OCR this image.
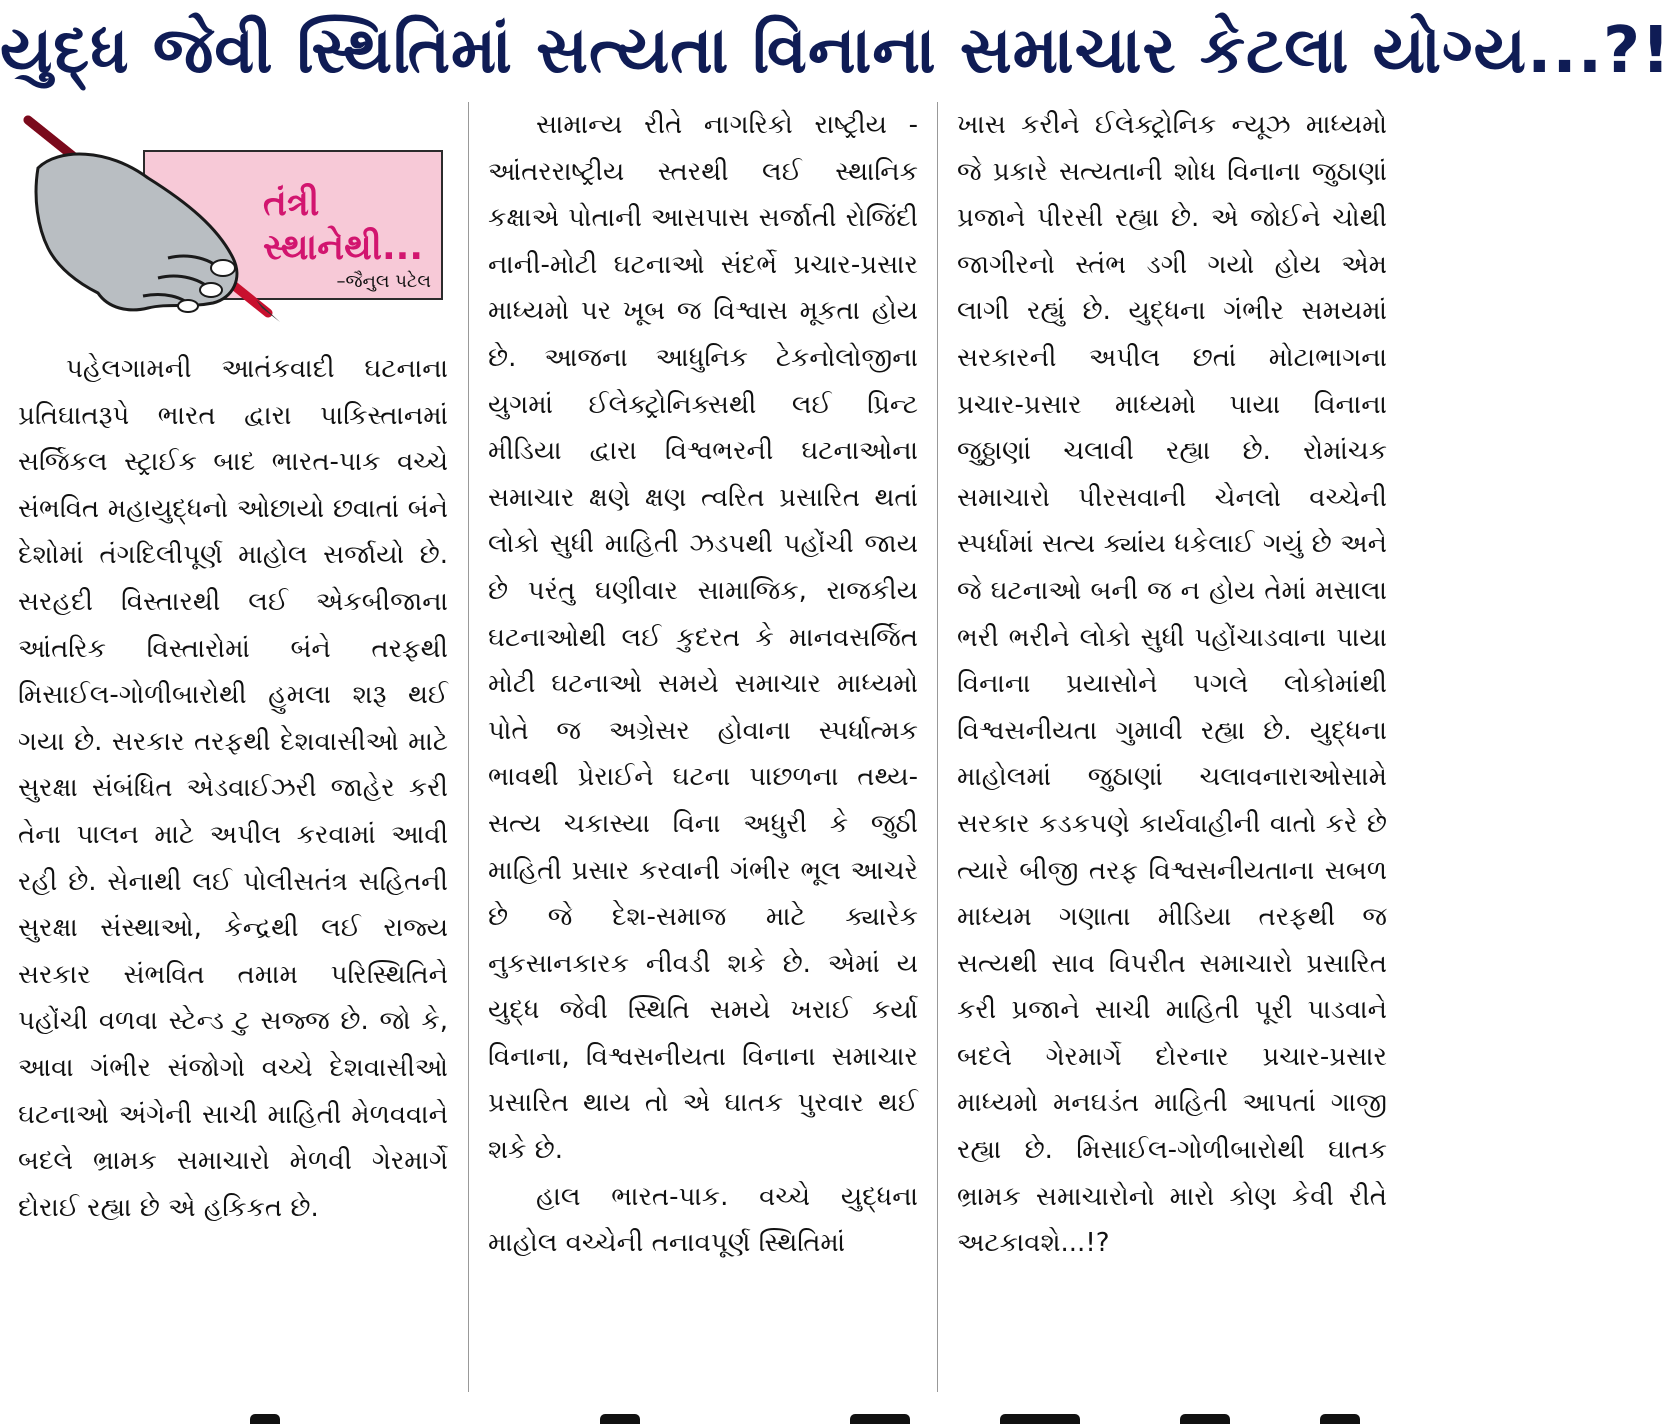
યુદ્ધ જેવી સ્થિતિમાં સત્યતા વિનાના સમાચાર કેટલા યોગ્ય...?!
તંત્રી સ્થાનેથી...
–જૈનુલ પટેલ

પહેલગામની આતંકવાદી ઘટનાના પ્રતિઘાતરૂપે ભારત દ્વારા પાકિસ્તાનમાં સર્જિકલ સ્ટ્રાઈક બાદ ભારત-પાક વચ્ચે સંભવિત મહાયુદ્ધનો ઓછાયો છવાતાં બંને દેશોમાં તંગદિલીપૂર્ણ માહોલ સર્જાયો છે. સરહદી વિસ્તારથી લઈ એકબીજાના આંતરિક વિસ્તારોમાં બંને તરફથી મિસાઈલ-ગોળીબારોથી હુમલા શરૂ થઈ ગયા છે. સરકાર તરફથી દેશવાસીઓ માટે સુરક્ષા સંબંધિત એડવાઈઝરી જાહેર કરી તેના પાલન માટે અપીલ કરવામાં આવી રહી છે. સેનાથી લઈ પોલીસતંત્ર સહિતની સુરક્ષા સંસ્થાઓ, કેન્દ્રથી લઈ રાજ્ય સરકાર સંભવિત તમામ પરિસ્થિતિને પહોંચી વળવા સ્ટેન્ડ ટુ સજ્જ છે. જો કે, આવા ગંભીર સંજોગો વચ્ચે દેશવાસીઓ ઘટનાઓ અંગેની સાચી માહિતી મેળવવાને બદલે ભ્રામક સમાચારો મેળવી ગેરમાર્ગે દોરાઈ રહ્યા છે એ હકિકત છે.

સામાન્ય રીતે નાગરિકો રાષ્ટ્રીય - આંતરરાષ્ટ્રીય સ્તરથી લઈ સ્થાનિક કક્ષાએ પોતાની આસપાસ સર્જાતી રોજિંદી નાની-મોટી ઘટનાઓ સંદર્ભે પ્રચાર-પ્રસાર માધ્યમો પર ખૂબ જ વિશ્વાસ મૂકતા હોય છે. આજના આધુનિક ટેકનોલોજીના યુગમાં ઈલેક્ટ્રોનિક્સથી લઈ પ્રિન્ટ મીડિયા દ્વારા વિશ્વભરની ઘટનાઓના સમાચાર ક્ષણે ક્ષણ ત્વરિત પ્રસારિત થતાં લોકો સુધી માહિતી ઝડપથી પહોંચી જાય છે પરંતુ ઘણીવાર સામાજિક, રાજકીય ઘટનાઓથી લઈ કુદરત કે માનવસર્જિત મોટી ઘટનાઓ સમયે સમાચાર માધ્યમો પોતે જ અગ્રેસર હોવાના સ્પર્ધાત્મક ભાવથી પ્રેરાઈને ઘટના પાછળના તથ્ય-સત્ય ચકાસ્યા વિના અધુરી કે જુઠી માહિતી પ્રસાર કરવાની ગંભીર ભૂલ આચરે છે જે દેશ-સમાજ માટે ક્યારેક નુકસાનકારક નીવડી શકે છે. એમાં ય યુદ્ધ જેવી સ્થિતિ સમયે ખરાઈ કર્યા વિનાના, વિશ્વસનીયતા વિનાના સમાચાર પ્રસારિત થાય તો એ ઘાતક પુરવાર થઈ શકે છે.

હાલ ભારત-પાક. વચ્ચે યુદ્ધના માહોલ વચ્ચેની તનાવપૂર્ણ સ્થિતિમાં

ખાસ કરીને ઈલેક્ટ્રોનિક ન્યૂઝ માધ્યમો જે પ્રકારે સત્યતાની શોધ વિનાના જુઠાણાં પ્રજાને પીરસી રહ્યા છે. એ જોઈને ચોથી જાગીરનો સ્તંભ ડગી ગયો હોય એમ લાગી રહ્યું છે. યુદ્ધના ગંભીર સમયમાં સરકારની અપીલ છતાં મોટાભાગના પ્રચાર-પ્રસાર માધ્યમો પાયા વિનાના જુઠ્ઠાણાં ચલાવી રહ્યા છે. રોમાંચક સમાચારો પીરસવાની ચેનલો વચ્ચેની સ્પર્ધામાં સત્ય ક્યાંય ધકેલાઈ ગયું છે અને જે ઘટનાઓ બની જ ન હોય તેમાં મસાલા ભરી ભરીને લોકો સુધી પહોંચાડવાના પાયા વિનાના પ્રયાસોને પગલે લોકોમાંથી વિશ્વસનીયતા ગુમાવી રહ્યા છે. યુદ્ધના માહોલમાં જુઠાણાં ચલાવનારાઓસામે સરકાર કડકપણે કાર્યવાહીની વાતો કરે છે ત્યારે બીજી તરફ વિશ્વસનીયતાના સબળ માધ્યમ ગણાતા મીડિયા તરફથી જ સત્યથી સાવ વિપરીત સમાચારો પ્રસારિત કરી પ્રજાને સાચી માહિતી પૂરી પાડવાને બદલે ગેરમાર્ગે દોરનાર પ્રચાર-પ્રસાર માધ્યમો મનઘડંત માહિતી આપતાં ગાજી રહ્યા છે. મિસાઈલ-ગોળીબારોથી ઘાતક ભ્રામક સમાચારોનો મારો કોણ કેવી રીતે અટકાવશે...!?
